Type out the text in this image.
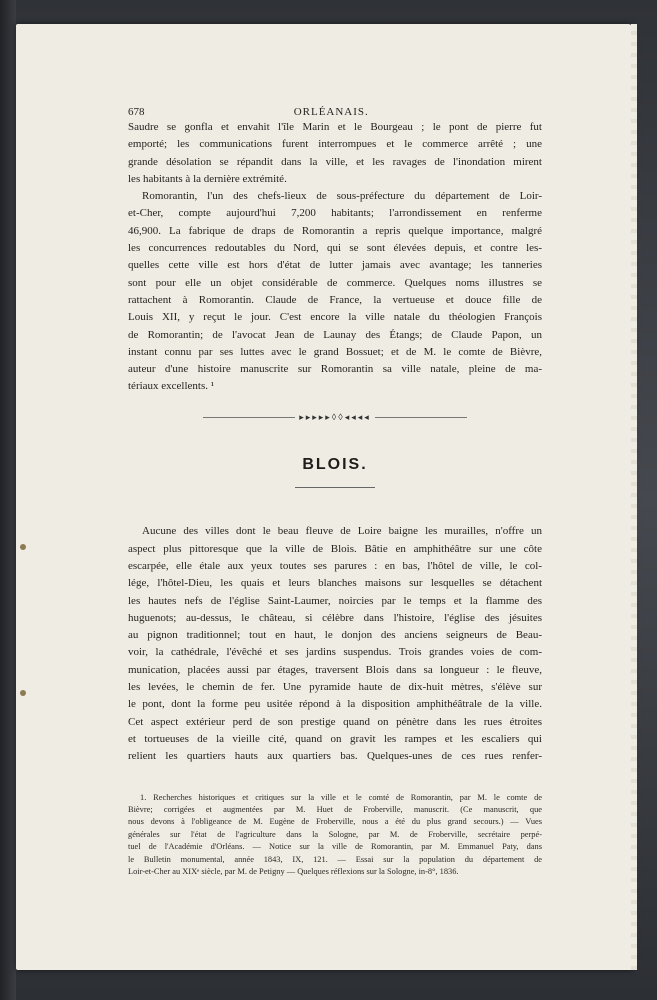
678	ORLÉANAIS.

Saudre se gonfla et envahit l'île Marin et le Bourgeau ; le pont de pierre fut
emporté; les communications furent interrompues et le commerce arrêté ; une
grande désolation se répandit dans la ville, et les ravages de l'inondation mirent
les habitants à la dernière extrémité.

Romorantin, l'un des chefs-lieux de sous-préfecture du département de Loir-
et-Cher, compte aujourd'hui 7,200 habitants; l'arrondissement en renferme
46,900. La fabrique de draps de Romorantin a repris quelque importance, malgré
les concurrences redoutables du Nord, qui se sont élevées depuis, et contre les-
quelles cette ville est hors d'état de lutter jamais avec avantage; les tanneries
sont pour elle un objet considérable de commerce. Quelques noms illustres se
rattachent à Romorantin. Claude de France, la vertueuse et douce fille de
Louis XII, y reçut le jour. C'est encore la ville natale du théologien François
de Romorantin; de l'avocat Jean de Launay des Étangs; de Claude Papon, un
instant connu par ses luttes avec le grand Bossuet; et de M. le comte de Bièvre,
auteur d'une histoire manuscrite sur Romorantin sa ville natale, pleine de ma-
tériaux excellents. ¹

▸▸▸▸▸◊◊◂◂◂◂
BLOIS.

Aucune des villes dont le beau fleuve de Loire baigne les murailles, n'offre un
aspect plus pittoresque que la ville de Blois. Bâtie en amphithéâtre sur une côte
escarpée, elle étale aux yeux toutes ses parures : en bas, l'hôtel de ville, le col-
lége, l'hôtel-Dieu, les quais et leurs blanches maisons sur lesquelles se détachent
les hautes nefs de l'église Saint-Laumer, noircies par le temps et la flamme des
huguenots; au-dessus, le château, si célèbre dans l'histoire, l'église des jésuites
au pignon traditionnel; tout en haut, le donjon des anciens seigneurs de Beau-
voir, la cathédrale, l'évêché et ses jardins suspendus. Trois grandes voies de com-
munication, placées aussi par étages, traversent Blois dans sa longueur : le fleuve,
les levées, le chemin de fer. Une pyramide haute de dix-huit mètres, s'élève sur
le pont, dont la forme peu usitée répond à la disposition amphithéâtrale de la ville.
Cet aspect extérieur perd de son prestige quand on pénètre dans les rues étroites
et tortueuses de la vieille cité, quand on gravit les rampes et les escaliers qui
relient les quartiers hauts aux quartiers bas. Quelques-unes de ces rues renfer-

1. Recherches historiques et critiques sur la ville et le comté de Romorantin, par M. le comte de
Bièvre; corrigées et augmentées par M. Huet de Froberville, manuscrit. (Ce manuscrit, que
nous devons à l'obligeance de M. Eugène de Froberville, nous a été du plus grand secours.) — Vues
générales sur l'état de l'agriculture dans la Sologne, par M. de Froberville, secrétaire perpé-
tuel de l'Académie d'Orléans. — Notice sur la ville de Romorantin, par M. Emmanuel Paty, dans
le Bulletin monumental, année 1843, IX, 121. — Essai sur la population du département de
Loir-et-Cher au XIXᵉ siècle, par M. de Petigny — Quelques réflexions sur la Sologne, in-8°, 1836.
